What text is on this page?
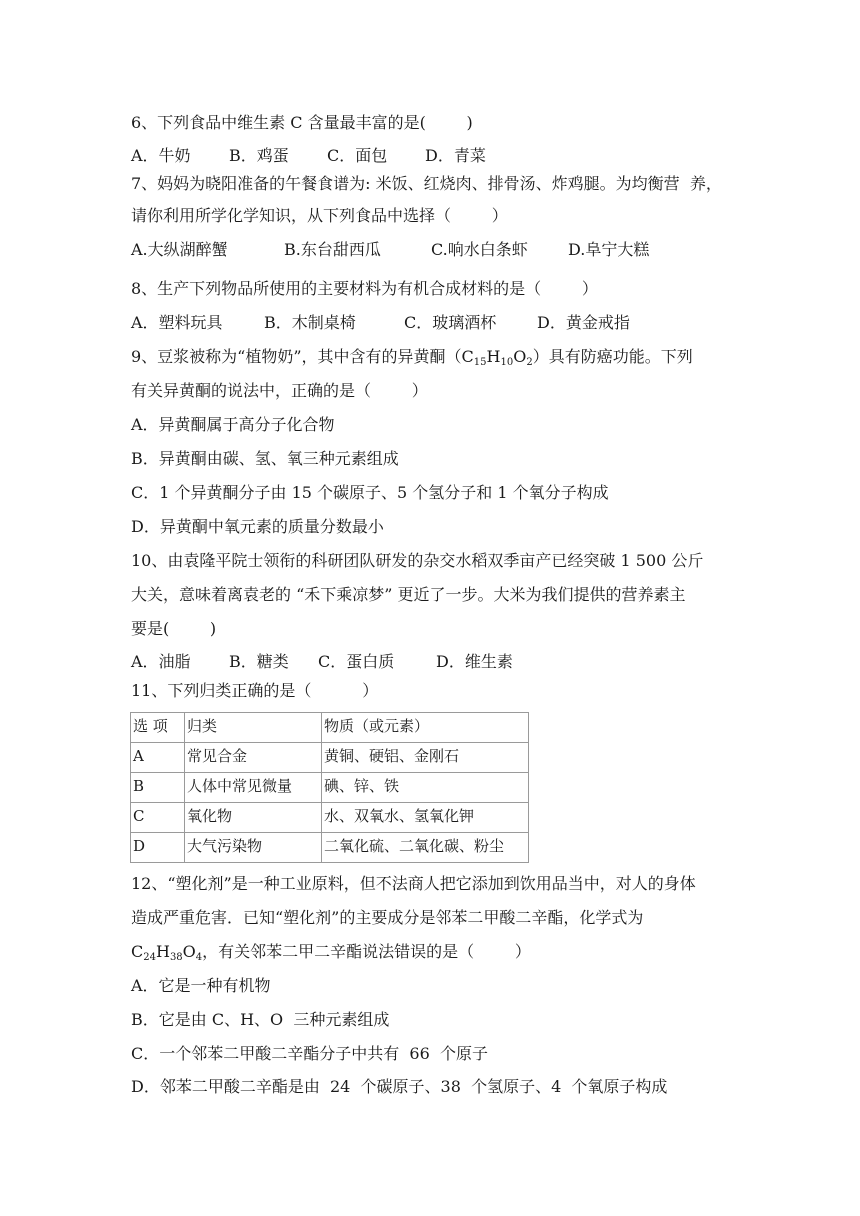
6、下列食品中维生素 C 含量最丰富的是(        )
A．牛奶 B．鸡蛋 C．面包 D．青菜
7、妈妈为晓阳准备的午餐食谱为: 米饭、红烧肉、排骨汤、炸鸡腿。为均衡营  养，
请你利用所学化学知识，从下列食品中选择（        ）
A.大纵湖醉蟹	B.东台甜西瓜	C.响水白条虾	D.阜宁大糕
8、生产下列物品所使用的主要材料为有机合成材料的是（        ）
A．塑料玩具	B．木制桌椅	C．玻璃酒杯	D．黄金戒指
9、豆浆被称为“植物奶”，其中含有的异黄酮$(C_{15}H_{10}O_2)$具有防癌功能。下列
有关异黄酮的说法中，正确的是（        ）
A．异黄酮属于高分子化合物
B．异黄酮由碳、氢、氧三种元素组成
C．1 个异黄酮分子由 15 个碳原子、5 个氢分子和 1 个氧分子构成
D．异黄酮中氧元素的质量分数最小
10、由袁隆平院士领衔的科研团队研发的杂交水稻双季亩产已经突破 1 500 公斤
大关，意味着离袁老的 “禾下乘凉梦” 更近了一步。大米为我们提供的营养素主
要是(        )
A．油脂 B．糖类 C．蛋白质	D．维生素
11、下列归类正确的是（          ）
选 项	归类	物质（或元素）
A	常见合金	黄铜、硬铝、金刚石
B	人体中常见微量	碘、锌、铁
C	氧化物	水、双氧水、氢氧化钾
D	大气污染物	二氧化硫、二氧化碳、粉尘
12、“塑化剂”是一种工业原料，但不法商人把它添加到饮用品当中，对人的身体
造成严重危害．已知“塑化剂”的主要成分是邻苯二甲酸二辛酯，化学式为
$C_{24}H_{38}O_4$，有关邻苯二甲二辛酯说法错误的是（        ）
A．它是一种有机物
B．它是由 C、H、O  三种元素组成
C．一个邻苯二甲酸二辛酯分子中共有  66  个原子
D．邻苯二甲酸二辛酯是由  24  个碳原子、38  个氢原子、4  个氧原子构成
